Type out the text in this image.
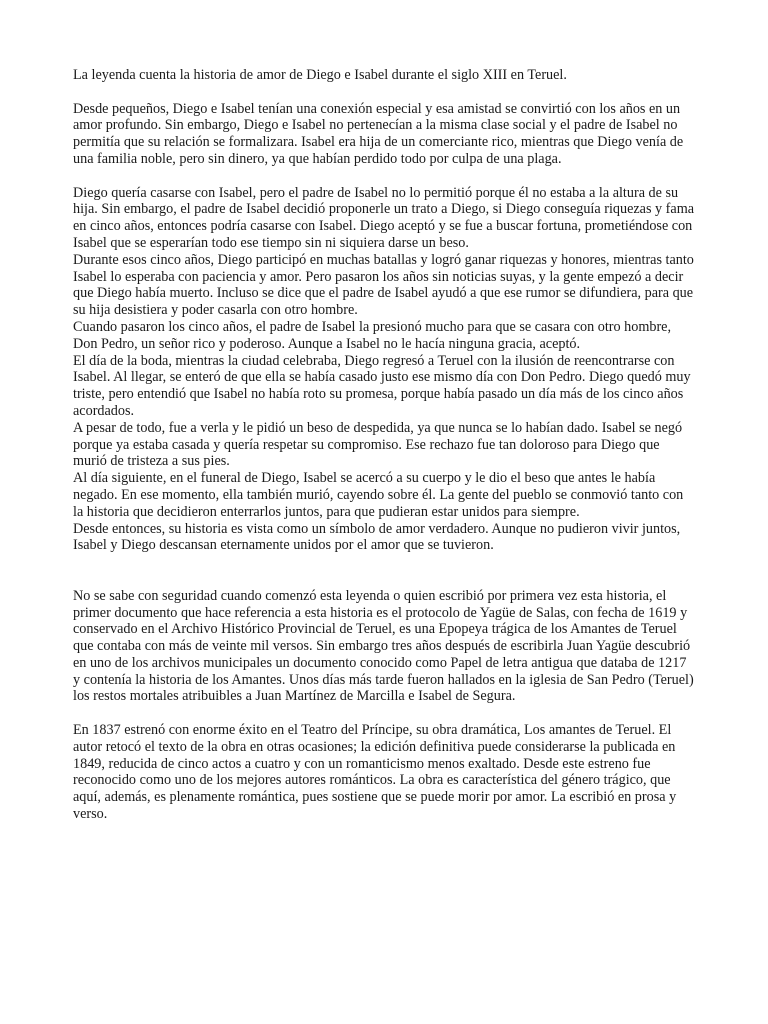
La leyenda cuenta la historia de amor de Diego e Isabel durante el siglo XIII en Teruel.

Desde pequeños, Diego e Isabel tenían una conexión especial y esa amistad se convirtió con los años en un amor profundo. Sin embargo, Diego e Isabel no pertenecían a la misma clase social y el padre de Isabel no permitía que su relación se formalizara. Isabel era hija de un comerciante rico, mientras que Diego venía de una familia noble, pero sin dinero, ya que habían perdido todo por culpa de una plaga.

Diego quería casarse con Isabel, pero el padre de Isabel no lo permitió porque él no estaba a la altura de su hija. Sin embargo, el padre de Isabel decidió proponerle un trato a Diego, si Diego conseguía riquezas y fama en cinco años, entonces podría casarse con Isabel. Diego aceptó y se fue a buscar fortuna, prometiéndose con Isabel que se esperarían todo ese tiempo sin ni siquiera darse un beso.

Durante esos cinco años, Diego participó en muchas batallas y logró ganar riquezas y honores, mientras tanto Isabel lo esperaba con paciencia y amor. Pero pasaron los años sin noticias suyas, y la gente empezó a decir que Diego había muerto. Incluso se dice que el padre de Isabel ayudó a que ese rumor se difundiera, para que su hija desistiera y poder casarla con otro hombre.

Cuando pasaron los cinco años, el padre de Isabel la presionó mucho para que se casara con otro hombre, Don Pedro, un señor rico y poderoso. Aunque a Isabel no le hacía ninguna gracia, aceptó.

El día de la boda, mientras la ciudad celebraba, Diego regresó a Teruel con la ilusión de reencontrarse con Isabel. Al llegar, se enteró de que ella se había casado justo ese mismo día con Don Pedro. Diego quedó muy triste, pero entendió que Isabel no había roto su promesa, porque había pasado un día más de los cinco años acordados.

A pesar de todo, fue a verla y le pidió un beso de despedida, ya que nunca se lo habían dado. Isabel se negó porque ya estaba casada y quería respetar su compromiso. Ese rechazo fue tan doloroso para Diego que murió de tristeza a sus pies.

Al día siguiente, en el funeral de Diego, Isabel se acercó a su cuerpo y le dio el beso que antes le había negado. En ese momento, ella también murió, cayendo sobre él. La gente del pueblo se conmovió tanto con la historia que decidieron enterrarlos juntos, para que pudieran estar unidos para siempre.

Desde entonces, su historia es vista como un símbolo de amor verdadero. Aunque no pudieron vivir juntos, Isabel y Diego descansan eternamente unidos por el amor que se tuvieron.

No se sabe con seguridad cuando comenzó esta leyenda o quien escribió por primera vez esta historia, el primer documento que hace referencia a esta historia es el protocolo de Yagüe de Salas, con fecha de 1619 y conservado en el Archivo Histórico Provincial de Teruel, es una Epopeya trágica de los Amantes de Teruel que contaba con más de veinte mil versos. Sin embargo tres años después de escribirla Juan Yagüe descubrió en uno de los archivos municipales un documento conocido como Papel de letra antigua que databa de 1217 y contenía la historia de los Amantes. Unos días más tarde fueron hallados en la iglesia de San Pedro (Teruel) los restos mortales atribuibles a Juan Martínez de Marcilla e Isabel de Segura.

En 1837 estrenó con enorme éxito en el Teatro del Príncipe, su obra dramática, Los amantes de Teruel. El autor retocó el texto de la obra en otras ocasiones; la edición definitiva puede considerarse la publicada en 1849, reducida de cinco actos a cuatro y con un romanticismo menos exaltado. Desde este estreno fue reconocido como uno de los mejores autores románticos. La obra es característica del género trágico, que aquí, además, es plenamente romántica, pues sostiene que se puede morir por amor. La escribió en prosa y verso.
